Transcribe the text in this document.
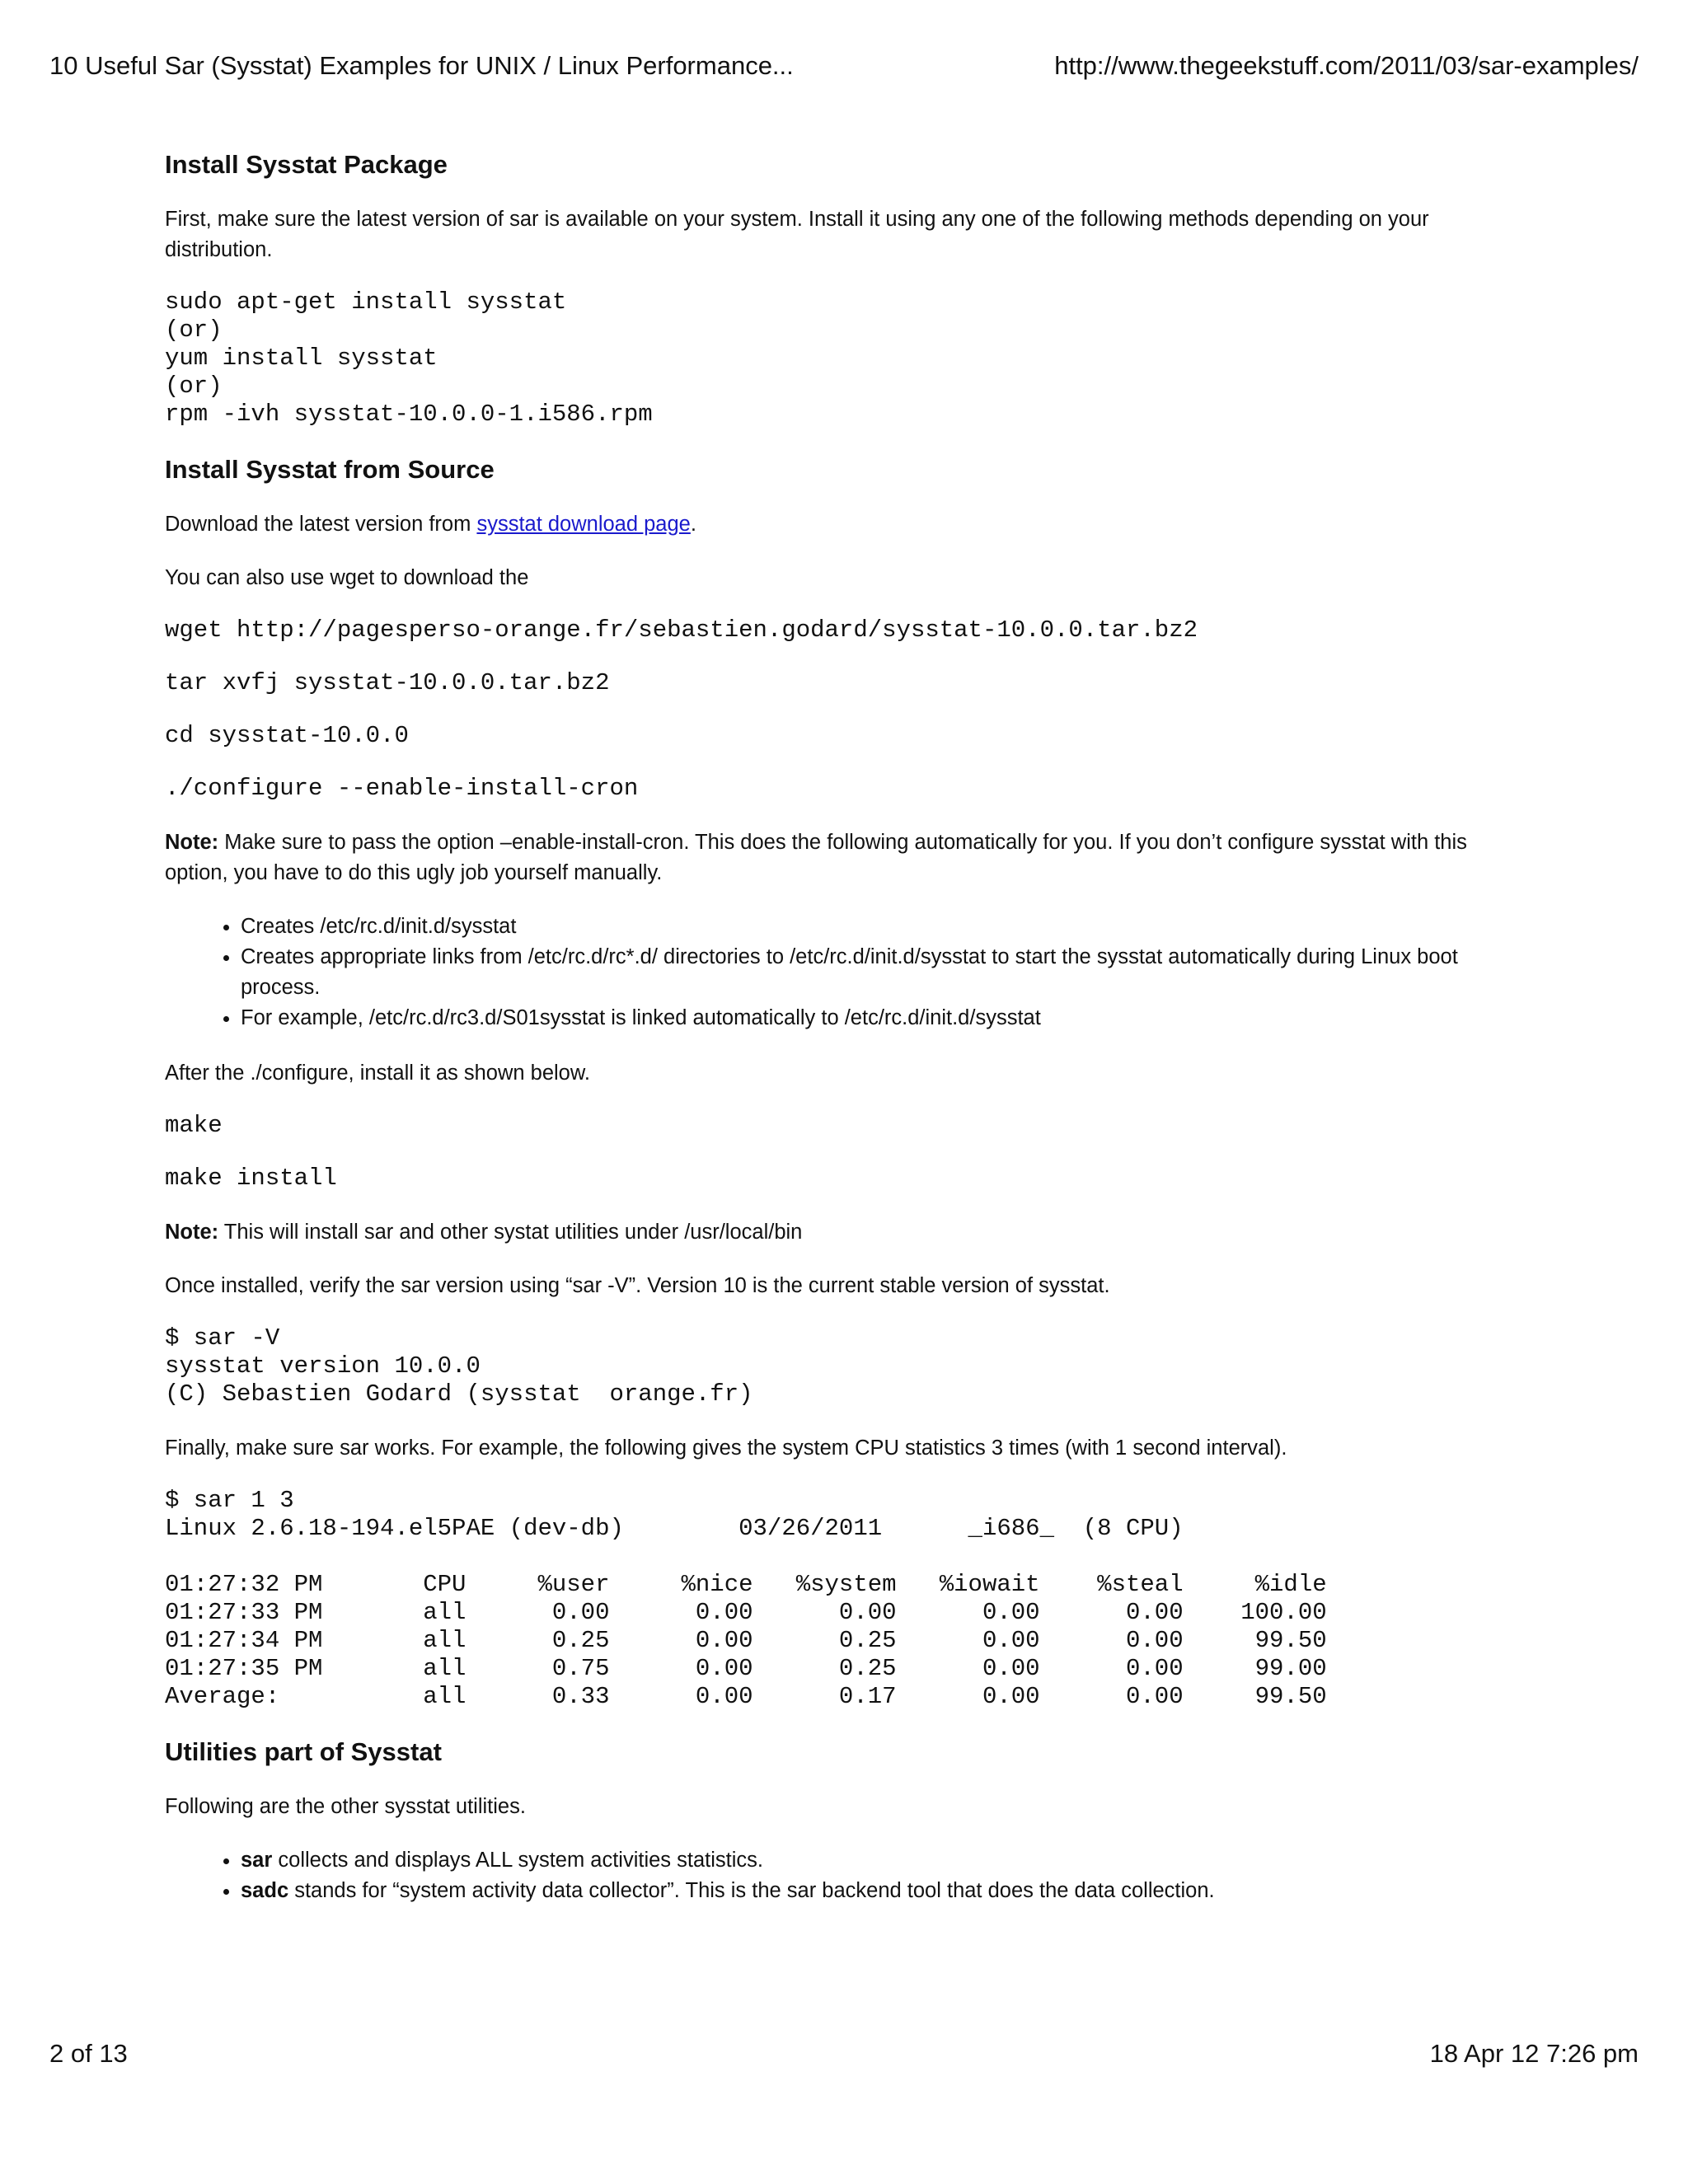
10 Useful Sar (Sysstat) Examples for UNIX / Linux Performance...	http://www.thegeekstuff.com/2011/03/sar-examples/
Install Sysstat Package

First, make sure the latest version of sar is available on your system. Install it using any one of the following methods depending on your distribution.

sudo apt-get install sysstat
(or)
yum install sysstat
(or)
rpm -ivh sysstat-10.0.0-1.i586.rpm
Install Sysstat from Source

Download the latest version from sysstat download page.

You can also use wget to download the

wget http://pagesperso-orange.fr/sebastien.godard/sysstat-10.0.0.tar.bz2
tar xvfj sysstat-10.0.0.tar.bz2
cd sysstat-10.0.0
./configure --enable-install-cron

Note: Make sure to pass the option –enable-install-cron. This does the following automatically for you. If you don’t configure sysstat with this option, you have to do this ugly job yourself manually.

• Creates /etc/rc.d/init.d/sysstat
• Creates appropriate links from /etc/rc.d/rc*.d/ directories to /etc/rc.d/init.d/sysstat to start the sysstat automatically during Linux boot process.
• For example, /etc/rc.d/rc3.d/S01sysstat is linked automatically to /etc/rc.d/init.d/sysstat

After the ./configure, install it as shown below.

make
make install

Note: This will install sar and other systat utilities under /usr/local/bin

Once installed, verify the sar version using “sar -V”. Version 10 is the current stable version of sysstat.

$ sar -V
sysstat version 10.0.0
(C) Sebastien Godard (sysstat  orange.fr)

Finally, make sure sar works. For example, the following gives the system CPU statistics 3 times (with 1 second interval).

$ sar 1 3
Linux 2.6.18-194.el5PAE (dev-db)        03/26/2011      _i686_  (8 CPU)

01:27:32 PM       CPU     %user     %nice   %system   %iowait    %steal     %idle
01:27:33 PM       all      0.00      0.00      0.00      0.00      0.00    100.00
01:27:34 PM       all      0.25      0.00      0.25      0.00      0.00     99.50
01:27:35 PM       all      0.75      0.00      0.25      0.00      0.00     99.00
Average:          all      0.33      0.00      0.17      0.00      0.00     99.50
Utilities part of Sysstat

Following are the other sysstat utilities.

• sar collects and displays ALL system activities statistics.
• sadc stands for “system activity data collector”. This is the sar backend tool that does the data collection.
2 of 13	18 Apr 12 7:26 pm
